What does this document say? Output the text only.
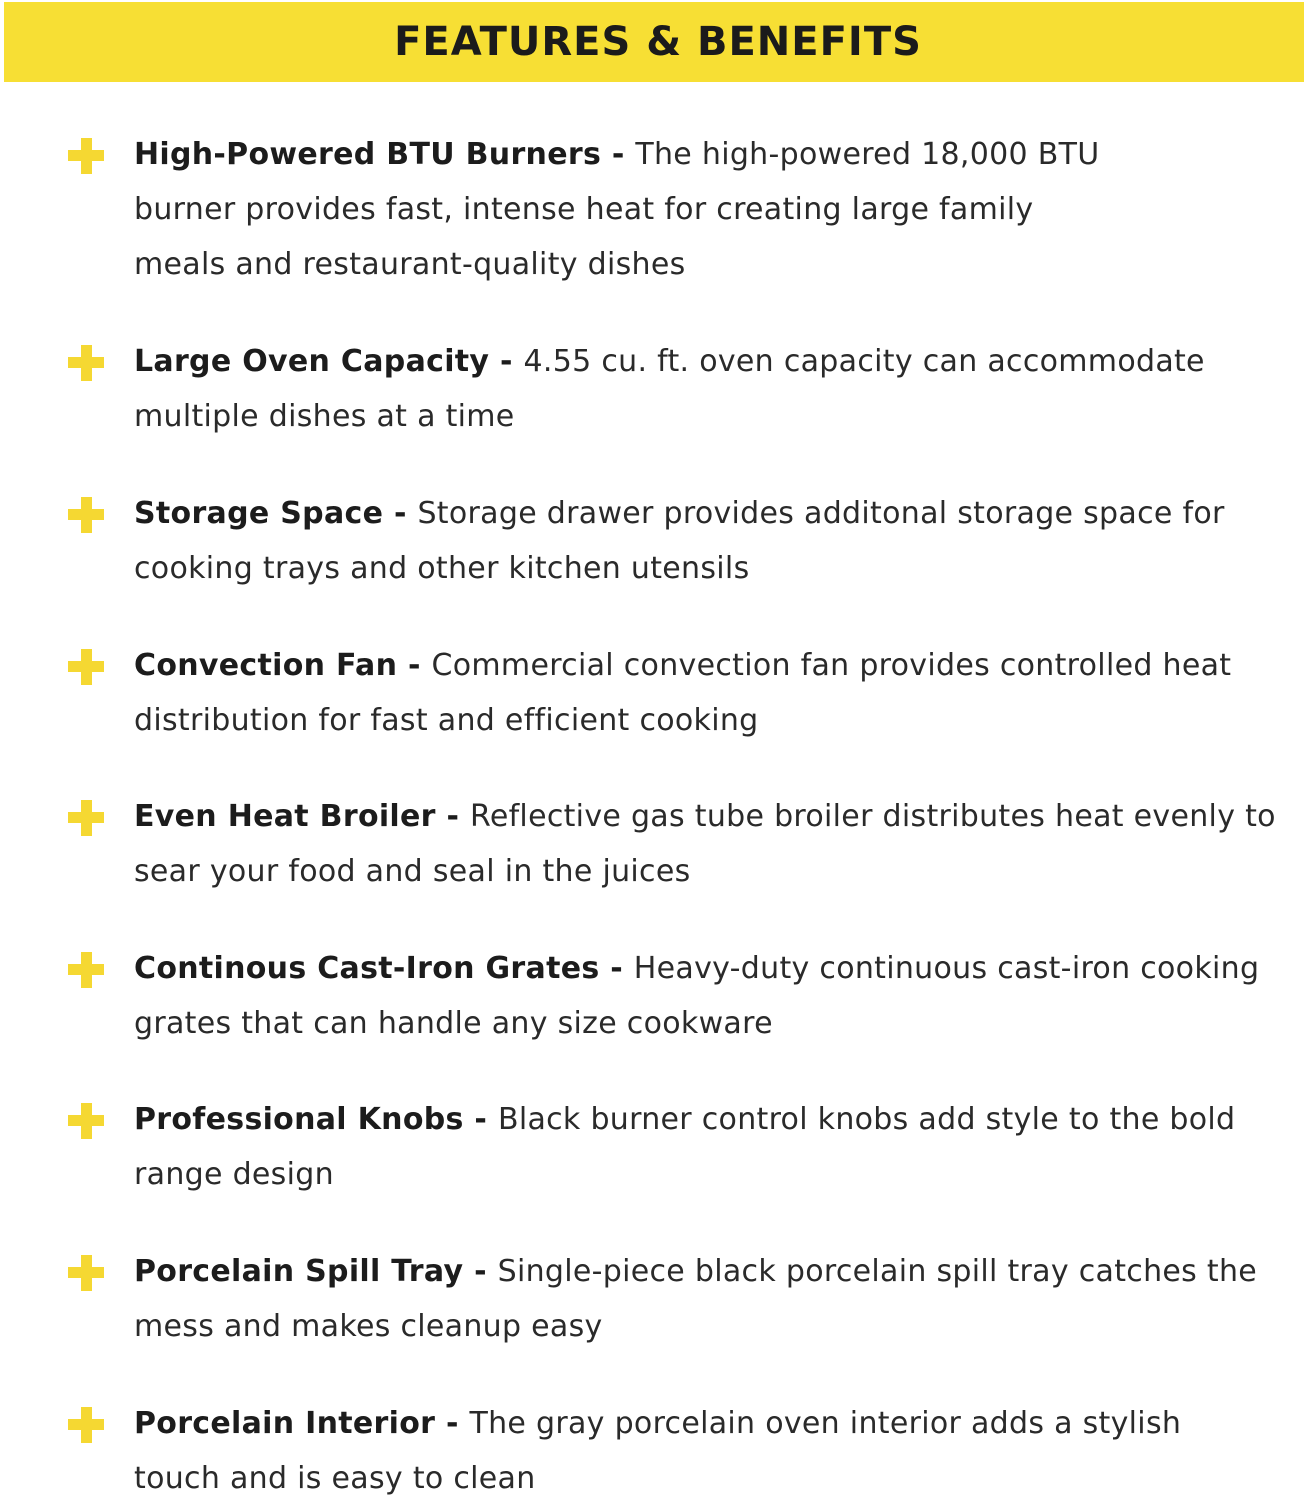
FEATURES & BENEFITS
High-Powered BTU Burners - The high-powered 18,000 BTU
burner provides fast, intense heat for creating large family
meals and restaurant-quality dishes
Large Oven Capacity - 4.55 cu. ft. oven capacity can accommodate
multiple dishes at a time
Storage Space - Storage drawer provides additonal storage space for
cooking trays and other kitchen utensils
Convection Fan - Commercial convection fan provides controlled heat
distribution for fast and efficient cooking
Even Heat Broiler - Reflective gas tube broiler distributes heat evenly to
sear your food and seal in the juices
Continous Cast-Iron Grates - Heavy-duty continuous cast-iron cooking
grates that can handle any size cookware
Professional Knobs - Black burner control knobs add style to the bold
range design
Porcelain Spill Tray - Single-piece black porcelain spill tray catches the
mess and makes cleanup easy
Porcelain Interior - The gray porcelain oven interior adds a stylish
touch and is easy to clean
